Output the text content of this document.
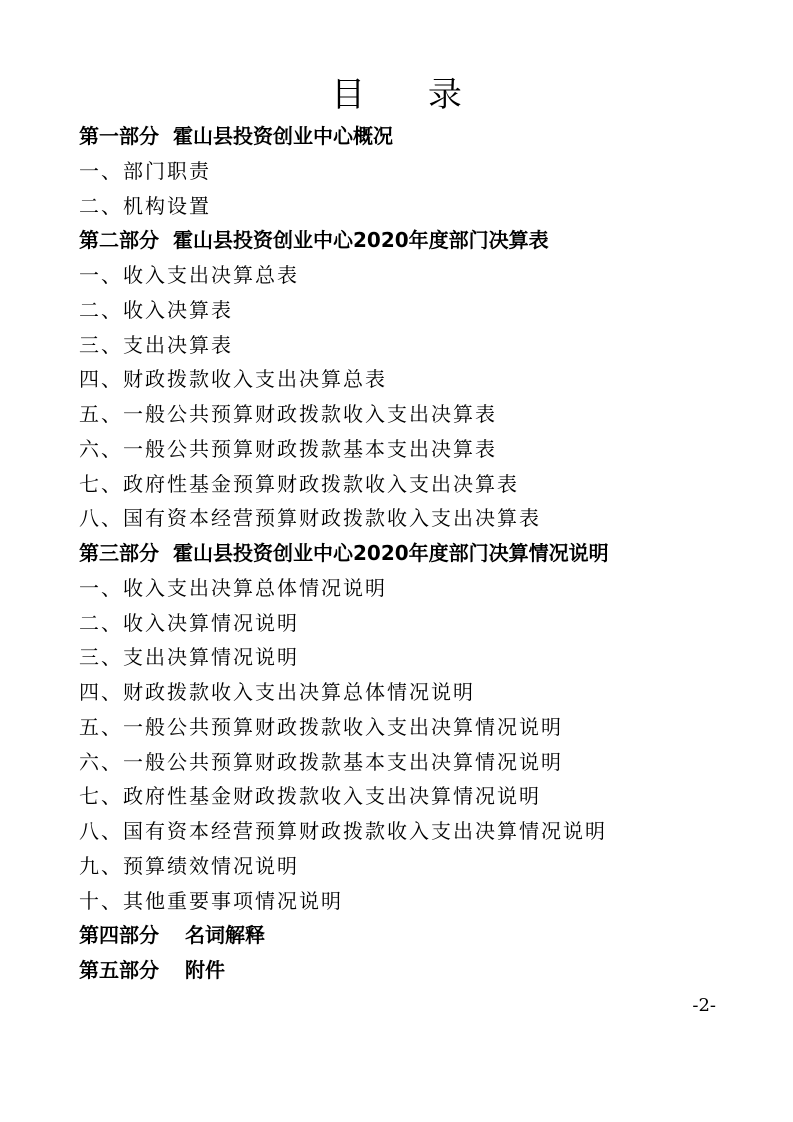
目 录
第一部分 霍山县投资创业中心概况
一、部门职责
二、机构设置
第二部分 霍山县投资创业中心2020年度部门决算表
一、收入支出决算总表
二、收入决算表
三、支出决算表
四、财政拨款收入支出决算总表
五、一般公共预算财政拨款收入支出决算表
六、一般公共预算财政拨款基本支出决算表
七、政府性基金预算财政拨款收入支出决算表
八、国有资本经营预算财政拨款收入支出决算表
第三部分 霍山县投资创业中心2020年度部门决算情况说明
一、收入支出决算总体情况说明
二、收入决算情况说明
三、支出决算情况说明
四、财政拨款收入支出决算总体情况说明
五、一般公共预算财政拨款收入支出决算情况说明
六、一般公共预算财政拨款基本支出决算情况说明
七、政府性基金财政拨款收入支出决算情况说明
八、国有资本经营预算财政拨款收入支出决算情况说明
九、预算绩效情况说明
十、其他重要事项情况说明
第四部分 名词解释
第五部分 附件
-2-
